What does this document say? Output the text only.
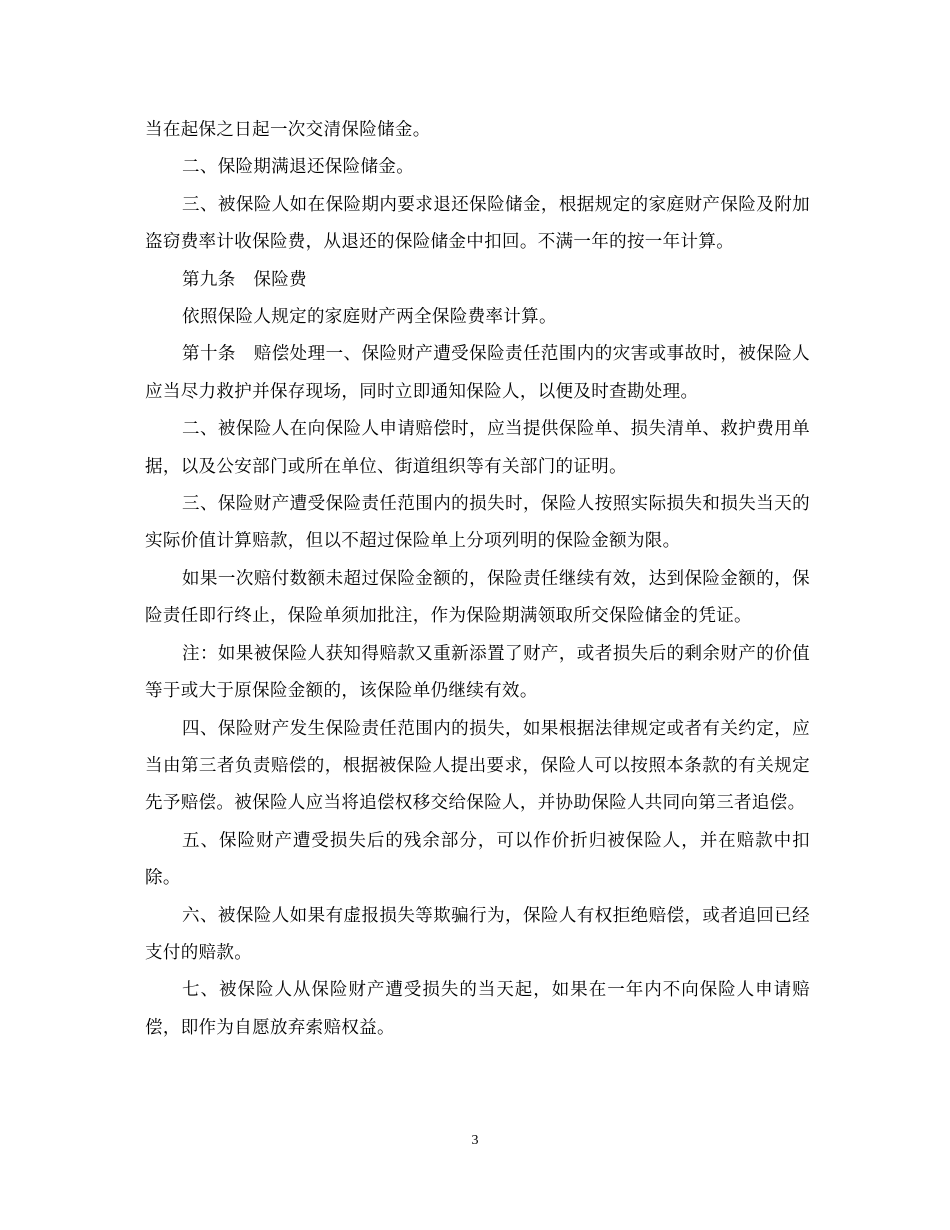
当在起保之日起一次交清保险储金。

二、保险期满退还保险储金。

三、被保险人如在保险期内要求退还保险储金，根据规定的家庭财产保险及附加盗窃费率计收保险费，从退还的保险储金中扣回。不满一年的按一年计算。

第九条　保险费

依照保险人规定的家庭财产两全保险费率计算。

第十条　赔偿处理一、保险财产遭受保险责任范围内的灾害或事故时，被保险人应当尽力救护并保存现场，同时立即通知保险人，以便及时查勘处理。

二、被保险人在向保险人申请赔偿时，应当提供保险单、损失清单、救护费用单据，以及公安部门或所在单位、街道组织等有关部门的证明。

三、保险财产遭受保险责任范围内的损失时，保险人按照实际损失和损失当天的实际价值计算赔款，但以不超过保险单上分项列明的保险金额为限。

如果一次赔付数额未超过保险金额的，保险责任继续有效，达到保险金额的，保险责任即行终止，保险单须加批注，作为保险期满领取所交保险储金的凭证。

注：如果被保险人获知得赔款又重新添置了财产，或者损失后的剩余财产的价值等于或大于原保险金额的，该保险单仍继续有效。

四、保险财产发生保险责任范围内的损失，如果根据法律规定或者有关约定，应当由第三者负责赔偿的，根据被保险人提出要求，保险人可以按照本条款的有关规定先予赔偿。被保险人应当将追偿权移交给保险人，并协助保险人共同向第三者追偿。

五、保险财产遭受损失后的残余部分，可以作价折归被保险人，并在赔款中扣除。

六、被保险人如果有虚报损失等欺骗行为，保险人有权拒绝赔偿，或者追回已经支付的赔款。

七、被保险人从保险财产遭受损失的当天起，如果在一年内不向保险人申请赔偿，即作为自愿放弃索赔权益。

3
